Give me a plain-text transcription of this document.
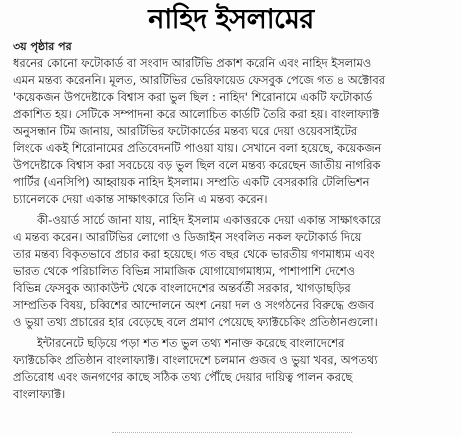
নাহিদ ইসলামের
৩য় পৃষ্ঠার পর
ধরনের কোনো ফটোকার্ড বা সংবাদ আরটিভি প্রকাশ করেনি এবং নাহিদ ইসলামও
এমন মন্তব্য করেননি। মূলত, আরটিভির ভেরিফায়েড ফেসবুক পেজে গত ৪ অক্টোবর
'কয়েকজন উপদেষ্টাকে বিশ্বাস করা ভুল ছিল : নাহিদ' শিরোনামে একটি ফটোকার্ড
প্রকাশিত হয়। সেটিকে সম্পাদনা করে আলোচিত কার্ডটি তৈরি করা হয়। বাংলাফ্যাক্ট
অনুসন্ধান টিম জানায়, আরটিভির ফটোকার্ডের মন্তব্য ঘরে দেয়া ওয়েবসাইটের
লিংকে একই শিরোনামের প্রতিবেদনটি পাওয়া যায়। সেখানে বলা হয়েছে, কয়েকজন
উপদেষ্টাকে বিশ্বাস করা সবচেয়ে বড় ভুল ছিল বলে মন্তব্য করেছেন জাতীয় নাগরিক
পার্টির (এনসিপি) আহ্বায়ক নাহিদ ইসলাম। সম্প্রতি একটি বেসরকারি টেলিভিশন
চ্যানেলকে দেয়া একান্ত সাক্ষাৎকারে তিনি এ মন্তব্য করেন।
কী-ওয়ার্ড সার্চে জানা যায়, নাহিদ ইসলাম একাত্তরকে দেয়া একান্ত সাক্ষাৎকারে
এ মন্তব্য করেন। আরটিভির লোগো ও ডিজাইন সংবলিত নকল ফটোকার্ড দিয়ে
তার মন্তব্য বিকৃতভাবে প্রচার করা হয়েছে। গত বছর থেকে ভারতীয় গণমাধ্যম এবং
ভারত থেকে পরিচালিত বিভিন্ন সামাজিক যোগাযোগমাধ্যম, পাশাপাশি দেশেও
বিভিন্ন ফেসবুক অ্যাকাউন্ট থেকে বাংলাদেশের অন্তর্বর্তী সরকার, খাগড়াছড়ির
সাম্প্রতিক বিষয়, চব্বিশের আন্দোলনে অংশ নেয়া দল ও সংগঠনের বিরুদ্ধে গুজব
ও ভুয়া তথ্য প্রচারের হার বেড়েছে বলে প্রমাণ পেয়েছে ফ্যাক্টচেকিং প্রতিষ্ঠানগুলো।
ইন্টারনেটে ছড়িয়ে পড়া শত শত ভুল তথ্য শনাক্ত করেছে বাংলাদেশের
ফ্যাক্টচেকিং প্রতিষ্ঠান বাংলাফ্যাক্ট। বাংলাদেশে চলমান গুজব ও ভুয়া খবর, অপতথ্য
প্রতিরোধ এবং জনগণের কাছে সঠিক তথ্য পৌঁছে দেয়ার দায়িত্ব পালন করছে
বাংলাফ্যাক্ট।
